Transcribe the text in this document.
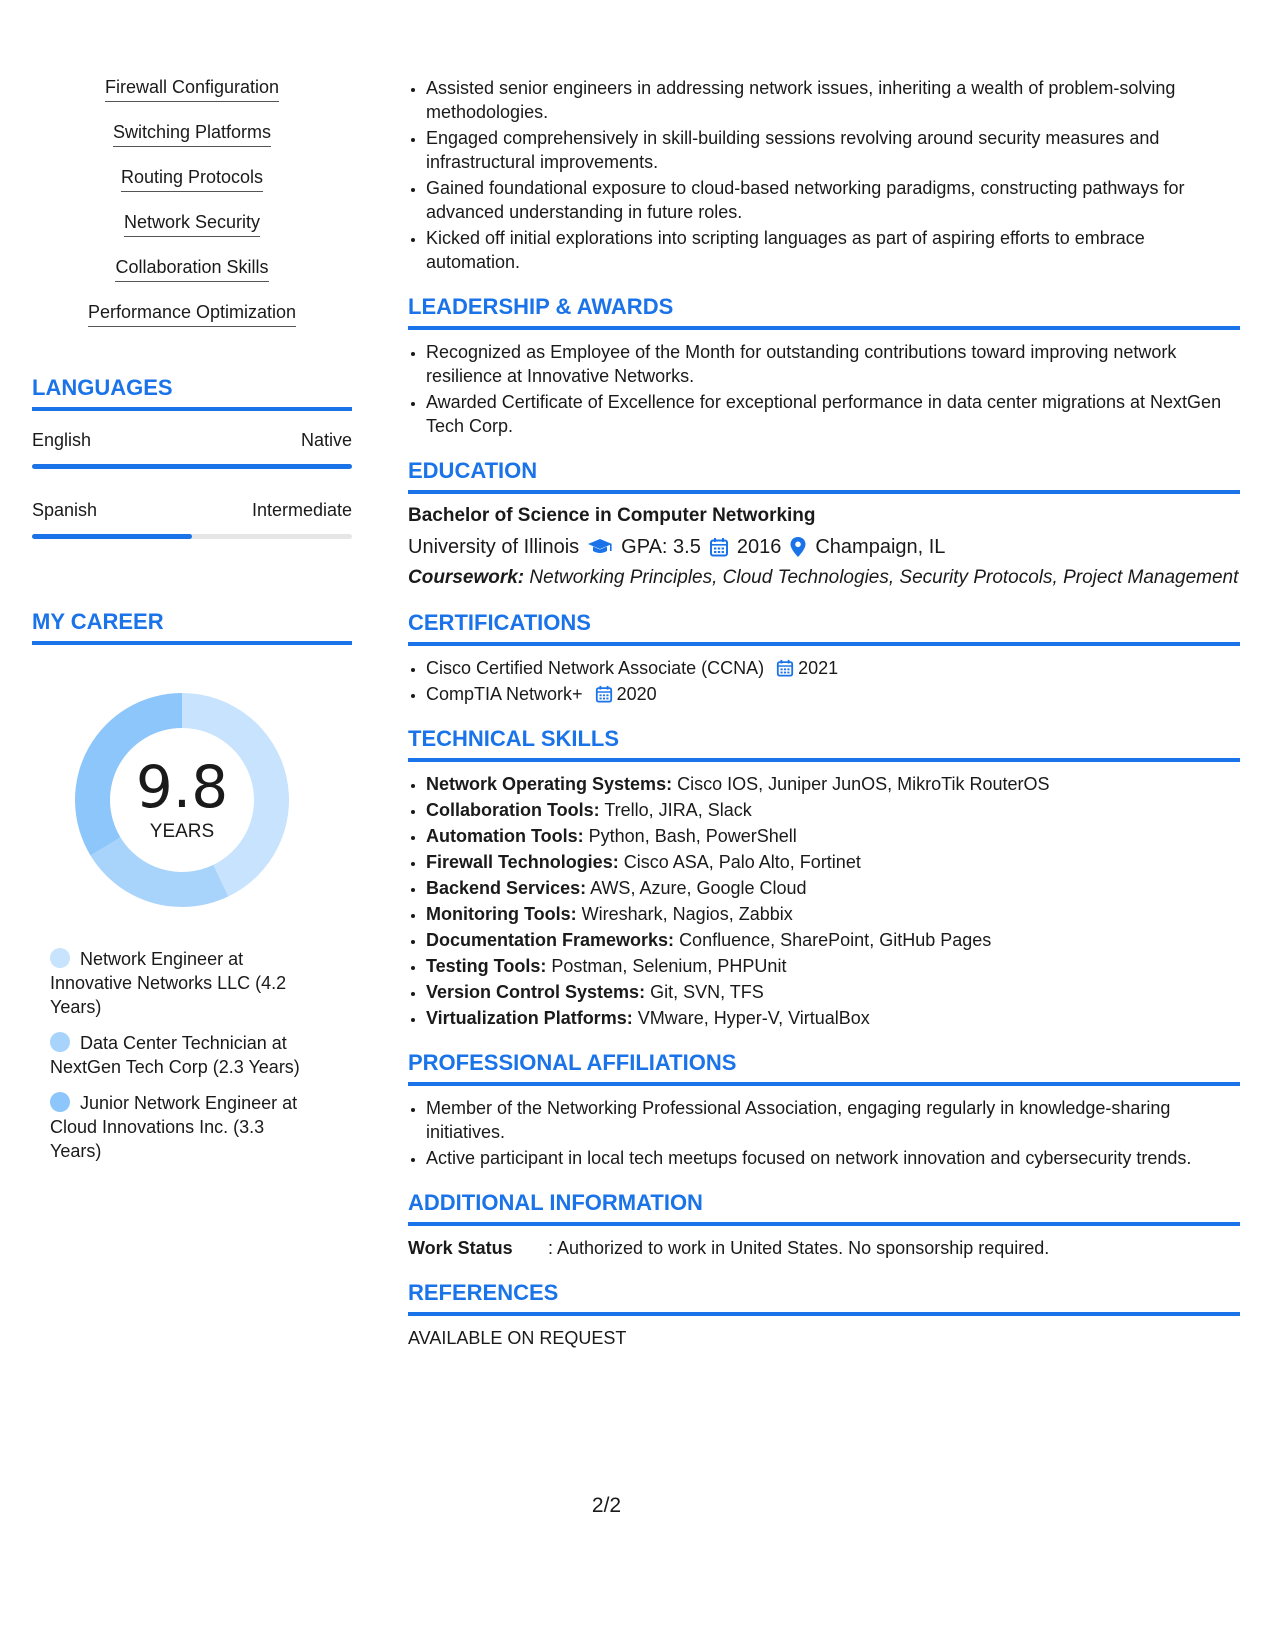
Firewall Configuration
Switching Platforms
Routing Protocols
Network Security
Collaboration Skills
Performance Optimization
LANGUAGES
English	Native
Spanish	Intermediate
MY CAREER
9.8
YEARS
Network Engineer at Innovative Networks LLC (4.2 Years)
Data Center Technician at NextGen Tech Corp (2.3 Years)
Junior Network Engineer at Cloud Innovations Inc. (3.3 Years)
• Assisted senior engineers in addressing network issues, inheriting a wealth of problem-solving methodologies.
• Engaged comprehensively in skill-building sessions revolving around security measures and infrastructural improvements.
• Gained foundational exposure to cloud-based networking paradigms, constructing pathways for advanced understanding in future roles.
• Kicked off initial explorations into scripting languages as part of aspiring efforts to embrace automation.
LEADERSHIP & AWARDS
• Recognized as Employee of the Month for outstanding contributions toward improving network resilience at Innovative Networks.
• Awarded Certificate of Excellence for exceptional performance in data center migrations at NextGen Tech Corp.
EDUCATION
Bachelor of Science in Computer Networking
University of Illinois GPA: 3.5 2016 Champaign, IL
Coursework: Networking Principles, Cloud Technologies, Security Protocols, Project Management
CERTIFICATIONS
• Cisco Certified Network Associate (CCNA) 2021
• CompTIA Network+ 2020
TECHNICAL SKILLS
• Network Operating Systems: Cisco IOS, Juniper JunOS, MikroTik RouterOS
• Collaboration Tools: Trello, JIRA, Slack
• Automation Tools: Python, Bash, PowerShell
• Firewall Technologies: Cisco ASA, Palo Alto, Fortinet
• Backend Services: AWS, Azure, Google Cloud
• Monitoring Tools: Wireshark, Nagios, Zabbix
• Documentation Frameworks: Confluence, SharePoint, GitHub Pages
• Testing Tools: Postman, Selenium, PHPUnit
• Version Control Systems: Git, SVN, TFS
• Virtualization Platforms: VMware, Hyper-V, VirtualBox
PROFESSIONAL AFFILIATIONS
• Member of the Networking Professional Association, engaging regularly in knowledge-sharing initiatives.
• Active participant in local tech meetups focused on network innovation and cybersecurity trends.
ADDITIONAL INFORMATION
Work Status	: Authorized to work in United States. No sponsorship required.
REFERENCES
AVAILABLE ON REQUEST
2/2
